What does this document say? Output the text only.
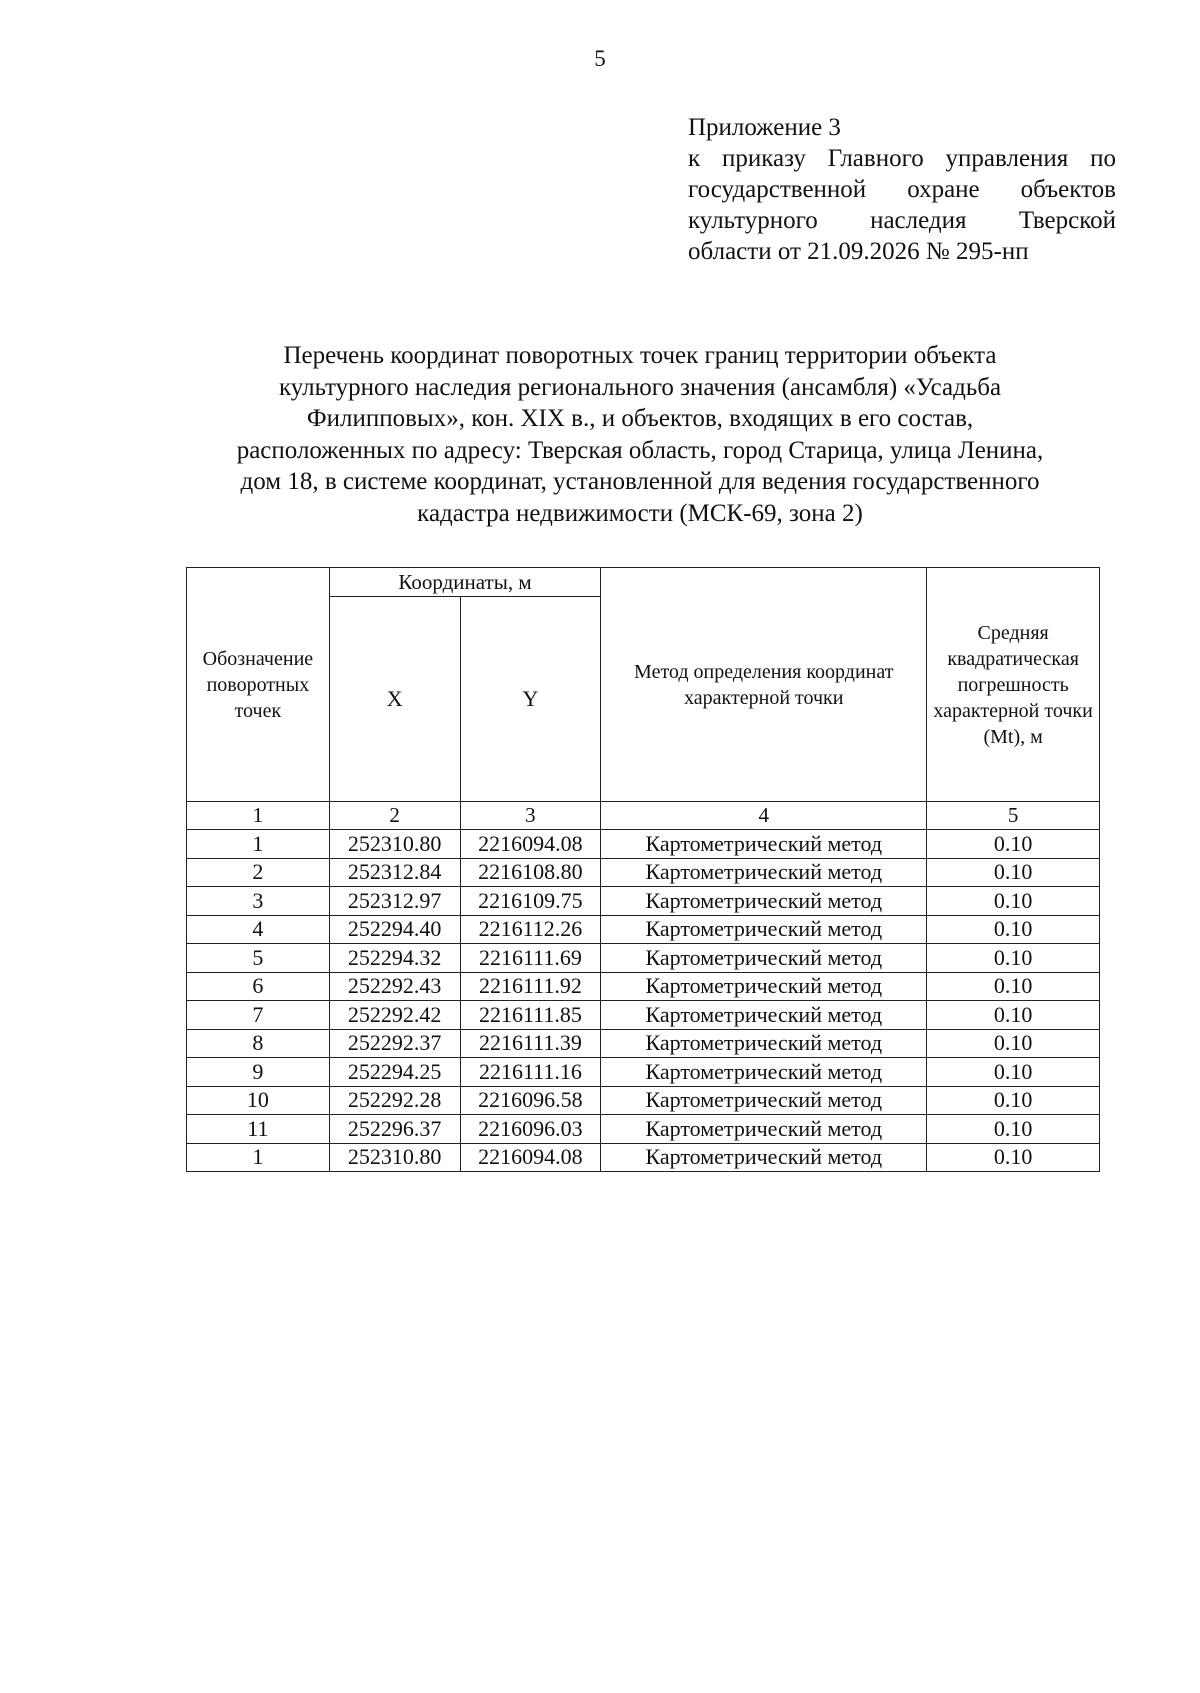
5
Приложение 3
к приказу Главного управления по
государственной охране объектов
культурного наследия Тверской
области от 21.09.2026 № 295-нп
Перечень координат поворотных точек границ территории объекта
культурного наследия регионального значения (ансамбля) «Усадьба
Филипповых», кон. XIX в., и объектов, входящих в его состав,
расположенных по адресу: Тверская область, город Старица, улица Ленина,
дом 18, в системе координат, установленной для ведения государственного
кадастра недвижимости (МСК-69, зона 2)
Обозначение поворотных точек	Координаты, м		Метод определения координат характерной точки	Средняя квадратическая погрешность характерной точки (Mt), м
	X	Y		
1	2	3	4	5
1	252310.80	2216094.08	Картометрический метод	0.10
2	252312.84	2216108.80	Картометрический метод	0.10
3	252312.97	2216109.75	Картометрический метод	0.10
4	252294.40	2216112.26	Картометрический метод	0.10
5	252294.32	2216111.69	Картометрический метод	0.10
6	252292.43	2216111.92	Картометрический метод	0.10
7	252292.42	2216111.85	Картометрический метод	0.10
8	252292.37	2216111.39	Картометрический метод	0.10
9	252294.25	2216111.16	Картометрический метод	0.10
10	252292.28	2216096.58	Картометрический метод	0.10
11	252296.37	2216096.03	Картометрический метод	0.10
1	252310.80	2216094.08	Картометрический метод	0.10
